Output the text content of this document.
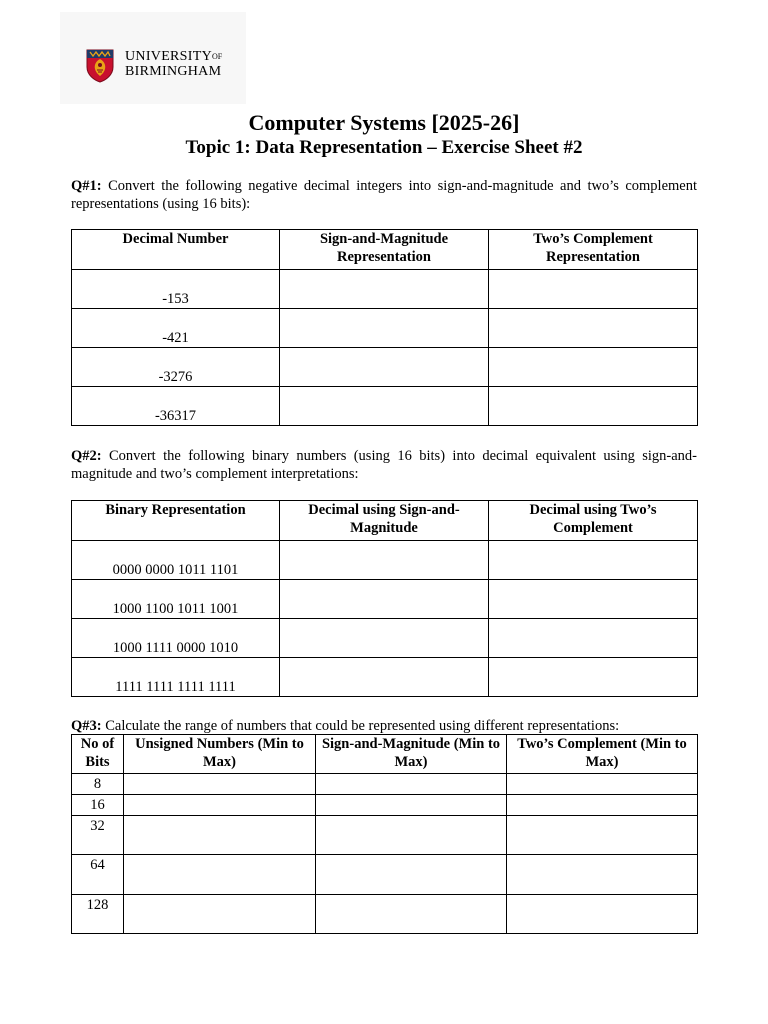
$UNIVERSITY^{OF}$
BIRMINGHAM
Computer Systems [2025-26]
Topic 1: Data Representation – Exercise Sheet #2
Q#1: Convert the following negative decimal integers into sign-and-magnitude and two’s complement representations (using 16 bits):
Decimal Number	Sign-and-Magnitude Representation	Two’s Complement Representation

-153		

-421		

-3276		

-36317		

Q#2: Convert the following binary numbers (using 16 bits) into decimal equivalent using sign-and-magnitude and two’s complement interpretations:
Binary Representation	Decimal using Sign-and-Magnitude	Decimal using Two’s Complement

0000 0000 1011 1101		

1000 1100 1011 1001		

1000 1111 0000 1010		

1111 1111 1111 1111		

Q#3: Calculate the range of numbers that could be represented using different representations:
No of Bits	Unsigned Numbers (Min to Max)	Sign-and-Magnitude (Min to Max)	Two’s Complement (Min to Max)
8			
16			
32			
64			
128			
